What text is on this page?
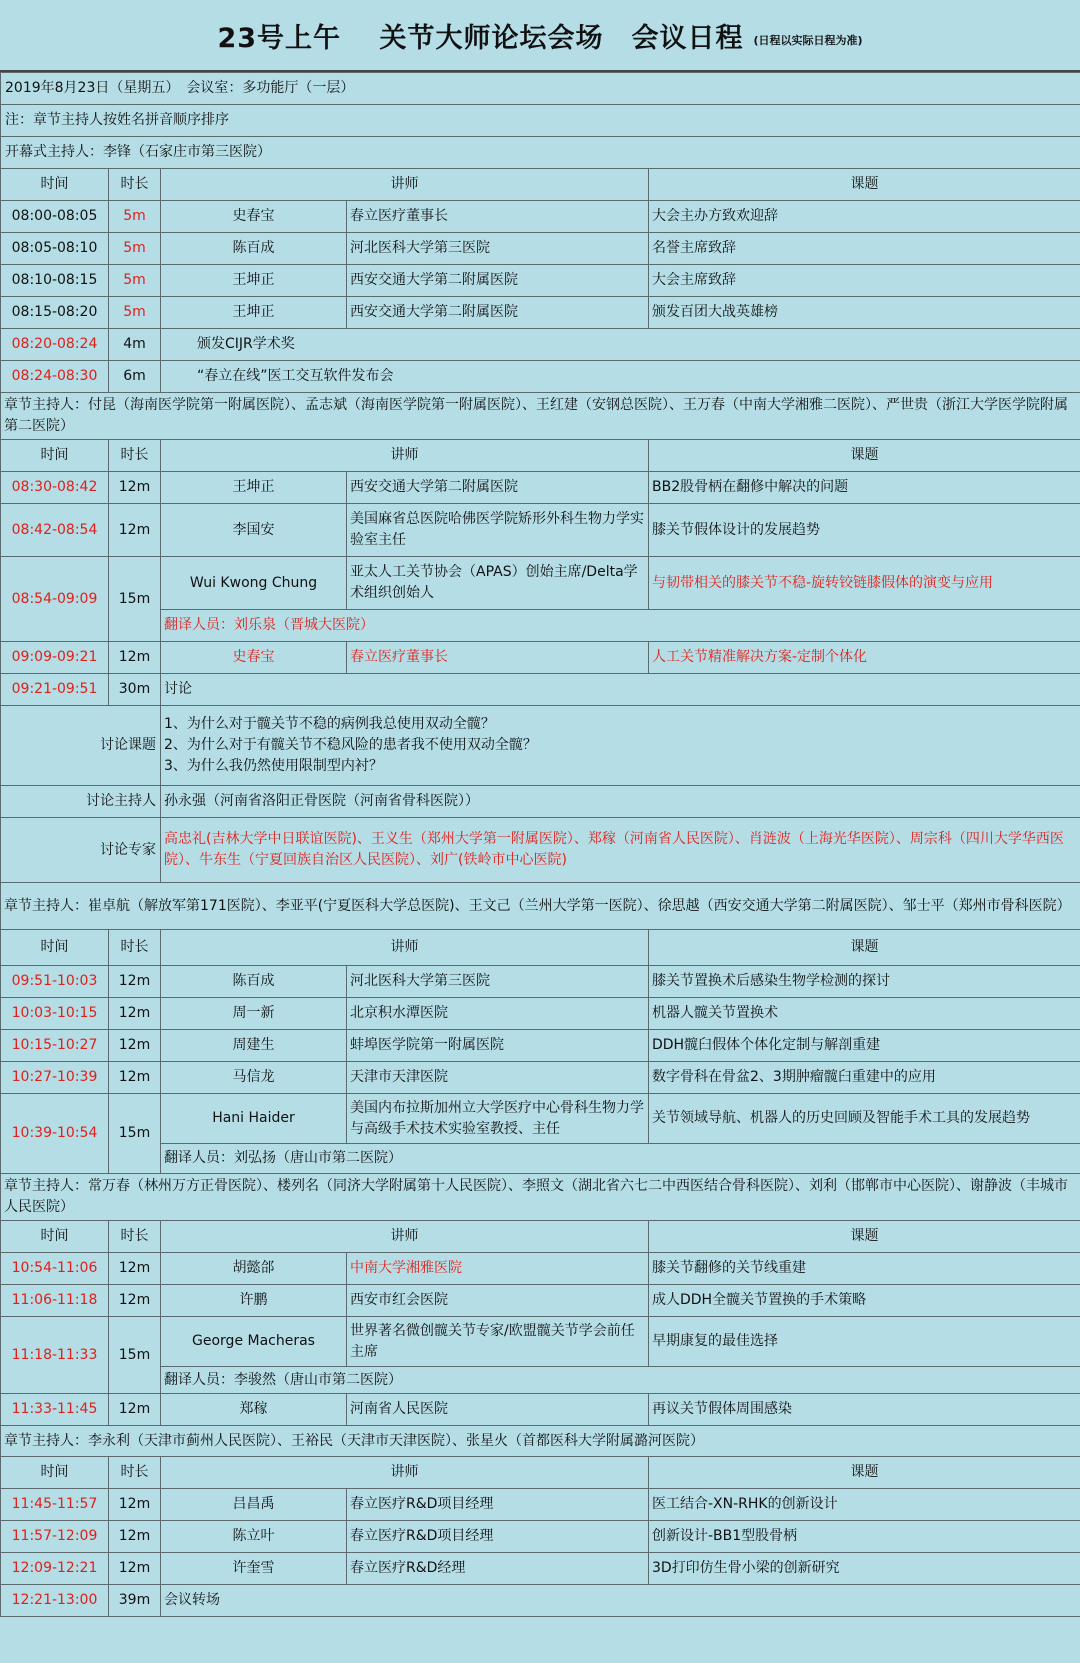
23号上午　 关节大师论坛会场　会议日程 (日程以实际日程为准)
2019年8月23日（星期五）　会议室：多功能厅（一层）				
注：章节主持人按姓名拼音顺序排序				
开幕式主持人：李锋（石家庄市第三医院）				
时间	时长	讲师		课题
08:00-08:05	5m	史春宝	春立医疗董事长	大会主办方致欢迎辞
08:05-08:10	5m	陈百成	河北医科大学第三医院	名誉主席致辞
08:10-08:15	5m	王坤正	西安交通大学第二附属医院	大会主席致辞
08:15-08:20	5m	王坤正	西安交通大学第二附属医院	颁发百团大战英雄榜
08:20-08:24	4m	颁发CIJR学术奖		
08:24-08:30	6m	“春立在线”医工交互软件发布会		
章节主持人：付昆（海南医学院第一附属医院）、孟志斌（海南医学院第一附属医院）、王红建（安钢总医院）、王万春（中南大学湘雅二医院）、严世贵（浙江大学医学院附属第二医院）				
时间	时长	讲师		课题
08:30-08:42	12m	王坤正	西安交通大学第二附属医院	BB2股骨柄在翻修中解决的问题
08:42-08:54	12m	李国安	美国麻省总医院哈佛医学院矫形外科生物力学实验室主任	膝关节假体设计的发展趋势
08:54-09:09	15m	Wui Kwong Chung	亚太人工关节协会（APAS）创始主席/Delta学术组织创始人	与韧带相关的膝关节不稳-旋转铰链膝假体的演变与应用
		翻译人员：刘乐泉（晋城大医院）		
09:09-09:21	12m	史春宝	春立医疗董事长	人工关节精准解决方案-定制个体化
09:21-09:51	30m	讨论		
讨论课题		1、为什么对于髋关节不稳的病例我总使用双动全髋？
2、为什么对于有髋关节不稳风险的患者我不使用双动全髋？
3、为什么我仍然使用限制型内衬？		

讨论主持人		孙永强（河南省洛阳正骨医院（河南省骨科医院））		
讨论专家		高忠礼(吉林大学中日联谊医院)、王义生（郑州大学第一附属医院）、郑稼（河南省人民医院）、肖涟波（上海光华医院）、周宗科（四川大学华西医院）、牛东生（宁夏回族自治区人民医院）、刘广(铁岭市中心医院)		
章节主持人：崔卓航（解放军第171医院）、李亚平(宁夏医科大学总医院)、王文己（兰州大学第一医院）、徐思越（西安交通大学第二附属医院）、邹士平（郑州市骨科医院）				
时间	时长	讲师		课题
09:51-10:03	12m	陈百成	河北医科大学第三医院	膝关节置换术后感染生物学检测的探讨
10:03-10:15	12m	周一新	北京积水潭医院	机器人髋关节置换术
10:15-10:27	12m	周建生	蚌埠医学院第一附属医院	DDH髋臼假体个体化定制与解剖重建
10:27-10:39	12m	马信龙	天津市天津医院	数字骨科在骨盆2、3期肿瘤髋臼重建中的应用
10:39-10:54	15m	Hani Haider	美国内布拉斯加州立大学医疗中心骨科生物力学与高级手术技术实验室教授、主任	关节领域导航、机器人的历史回顾及智能手术工具的发展趋势
		翻译人员：刘弘扬（唐山市第二医院）		
章节主持人：常万春（林州万方正骨医院）、楼列名（同济大学附属第十人民医院）、李照文（湖北省六七二中西医结合骨科医院）、刘利（邯郸市中心医院）、谢静波（丰城市人民医院）				
时间	时长	讲师		课题
10:54-11:06	12m	胡懿郃	中南大学湘雅医院	膝关节翻修的关节线重建
11:06-11:18	12m	许鹏	西安市红会医院	成人DDH全髋关节置换的手术策略
11:18-11:33	15m	George Macheras	世界著名微创髋关节专家/欧盟髋关节学会前任主席	早期康复的最佳选择
		翻译人员：李骏然（唐山市第二医院）		
11:33-11:45	12m	郑稼	河南省人民医院	再议关节假体周围感染
章节主持人：李永利（天津市蓟州人民医院）、王裕民（天津市天津医院）、张星火（首都医科大学附属潞河医院）				
时间	时长	讲师		课题
11:45-11:57	12m	吕昌禹	春立医疗R&D项目经理	医工结合-XN-RHK的创新设计
11:57-12:09	12m	陈立叶	春立医疗R&D项目经理	创新设计-BB1型股骨柄
12:09-12:21	12m	许奎雪	春立医疗R&D经理	3D打印仿生骨小梁的创新研究
12:21-13:00	39m	会议转场		
